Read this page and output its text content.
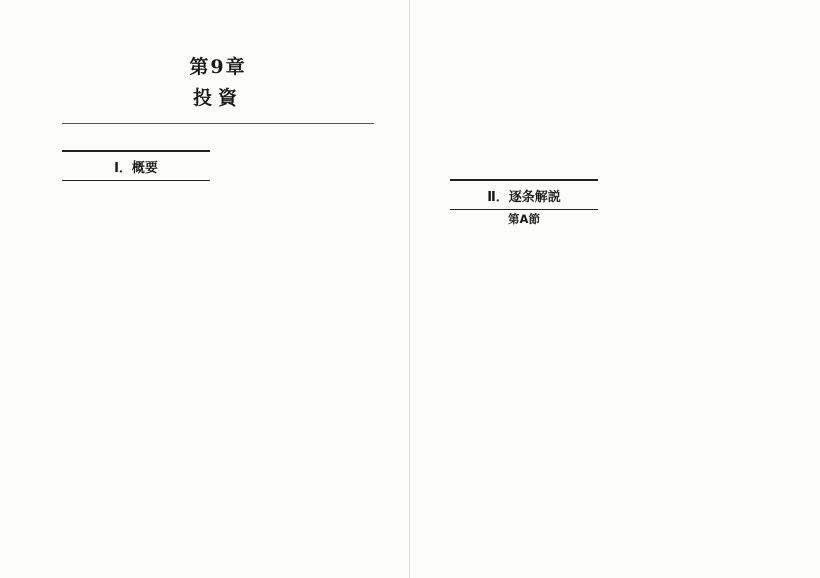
第9章
投資
Ⅰ．概要

Ⅱ．逐条解説
第A節
